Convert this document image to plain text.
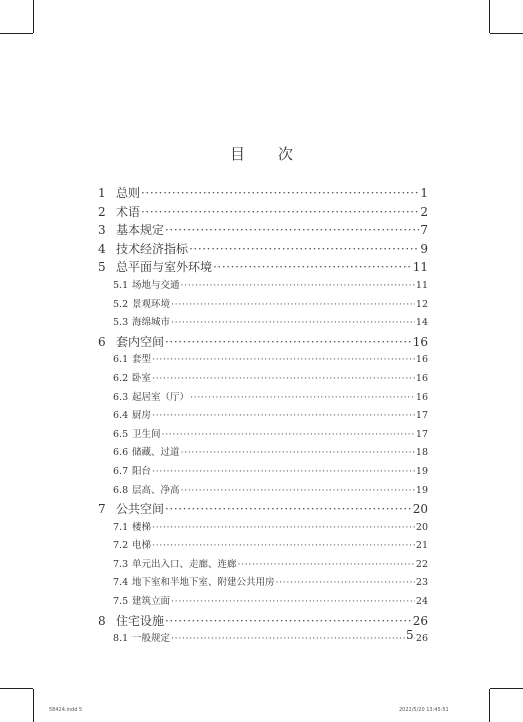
目 次
1 总则 ·····	1
2 术语 ·····	2
3 基本规定 ·····	7
4 技术经济指标 ·····	9
5 总平面与室外环境 ·····	11
5.1 场地与交通 ·····	11
5.2 景观环境 ·····	12
5.3 海绵城市 ·····	14
6 套内空间 ·····	16
6.1 套型 ·····	16
6.2 卧室 ·····	16
6.3 起居室（厅） ·····	16
6.4 厨房 ·····	17
6.5 卫生间 ·····	17
6.6 储藏、过道 ·····	18
6.7 阳台 ·····	19
6.8 层高、净高 ·····	19
7 公共空间 ·····	20
7.1 楼梯 ·····	20
7.2 电梯 ·····	21
7.3 单元出入口、走廊、连廊 ·····	22
7.4 地下室和半地下室、附建公共用房 ·····	23
7.5 建筑立面 ·····	24
8 住宅设施 ·····	26
8.1 一般规定 ·····	26
5
58424.indd 5	2022/5/20 13:45:51
